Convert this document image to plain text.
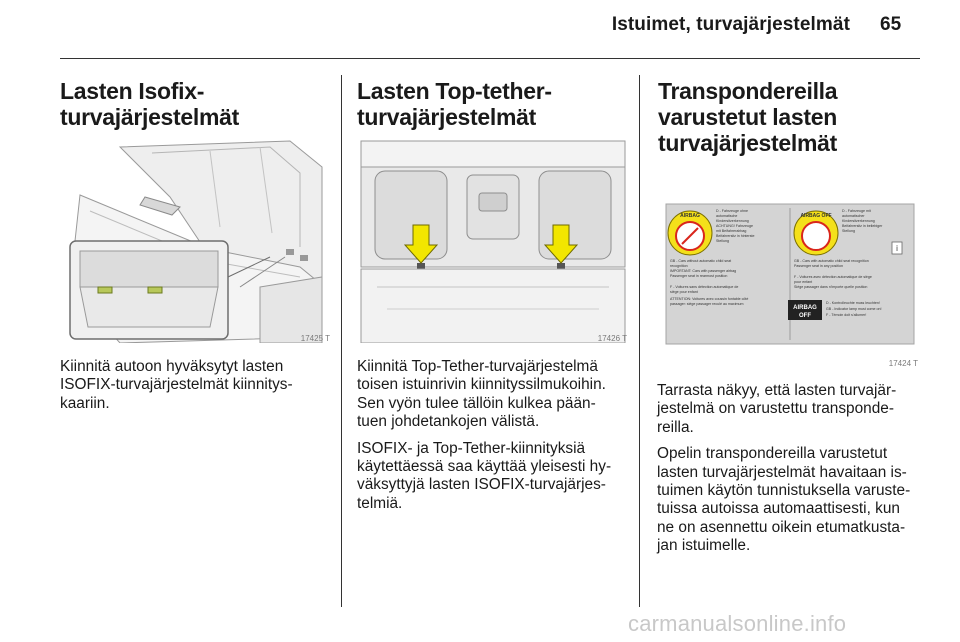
Istuimet, turvajärjestelmät 65
Lasten Isofix-
turvajärjestelmät
17425 T

Kiinnitä autoon hyväksytyt lasten
ISOFIX-turvajärjestelmät kiinnitys-
kaariin.

Lasten Top-tether-
turvajärjestelmät
17426 T

Kiinnitä Top-Tether-turvajärjestelmä
toisen istuinrivin kiinnityssilmukoihin.
Sen vyön tulee tällöin kulkea pään-
tuen johdetankojen välistä.

ISOFIX- ja Top-Tether-kiinnityksiä
käytettäessä saa käyttää yleisesti hy-
väksyttyjä lasten ISOFIX-turvajärjes-
telmiä.

Transpondereilla
varustetut lasten
turvajärjestelmät
AIRBAG	AIRBAG OFF
AIRBAG
OFF
i
D - Fahrzeuge ohne
automatische
Kindersitzerkennung
ACHTUNG! Fahrzeuge
mit Beifahrerairbag
Beifahrersitz in hinterste
Stellung
GB - Cars without automatic child seat
recognition
IMPORTANT: Cars with passenger airbag
Passenger seat in rearmost position
F - Voitures sans détection automatique de
siège pour enfant
ATTENTION: Voitures avec coussin fontable côté
passager: siège passager reculé au maximum
D - Fahrzeuge mit
automatischer
Kindersitzerkennung
Beifahrersitz in beliebiger
Stellung
GB - Cars with automatic child seat recognition
Passenger seat in any position
F - Voitures avec détection automatique de siège
pour enfant
Siège passager dans n'importe quelle position
D - Kontrolleuchte muss leuchten!
GB - Indicator lamp must come on!
F - Témoin doit s'allumer!
17424 T

Tarrasta näkyy, että lasten turvajär-
jestelmä on varustettu transponde-
reilla.

Opelin transpondereilla varustetut
lasten turvajärjestelmät havaitaan is-
tuimen käytön tunnistuksella varuste-
tuissa autoissa automaattisesti, kun
ne on asennettu oikein etumatkusta-
jan istuimelle.

carmanualsonline.info
